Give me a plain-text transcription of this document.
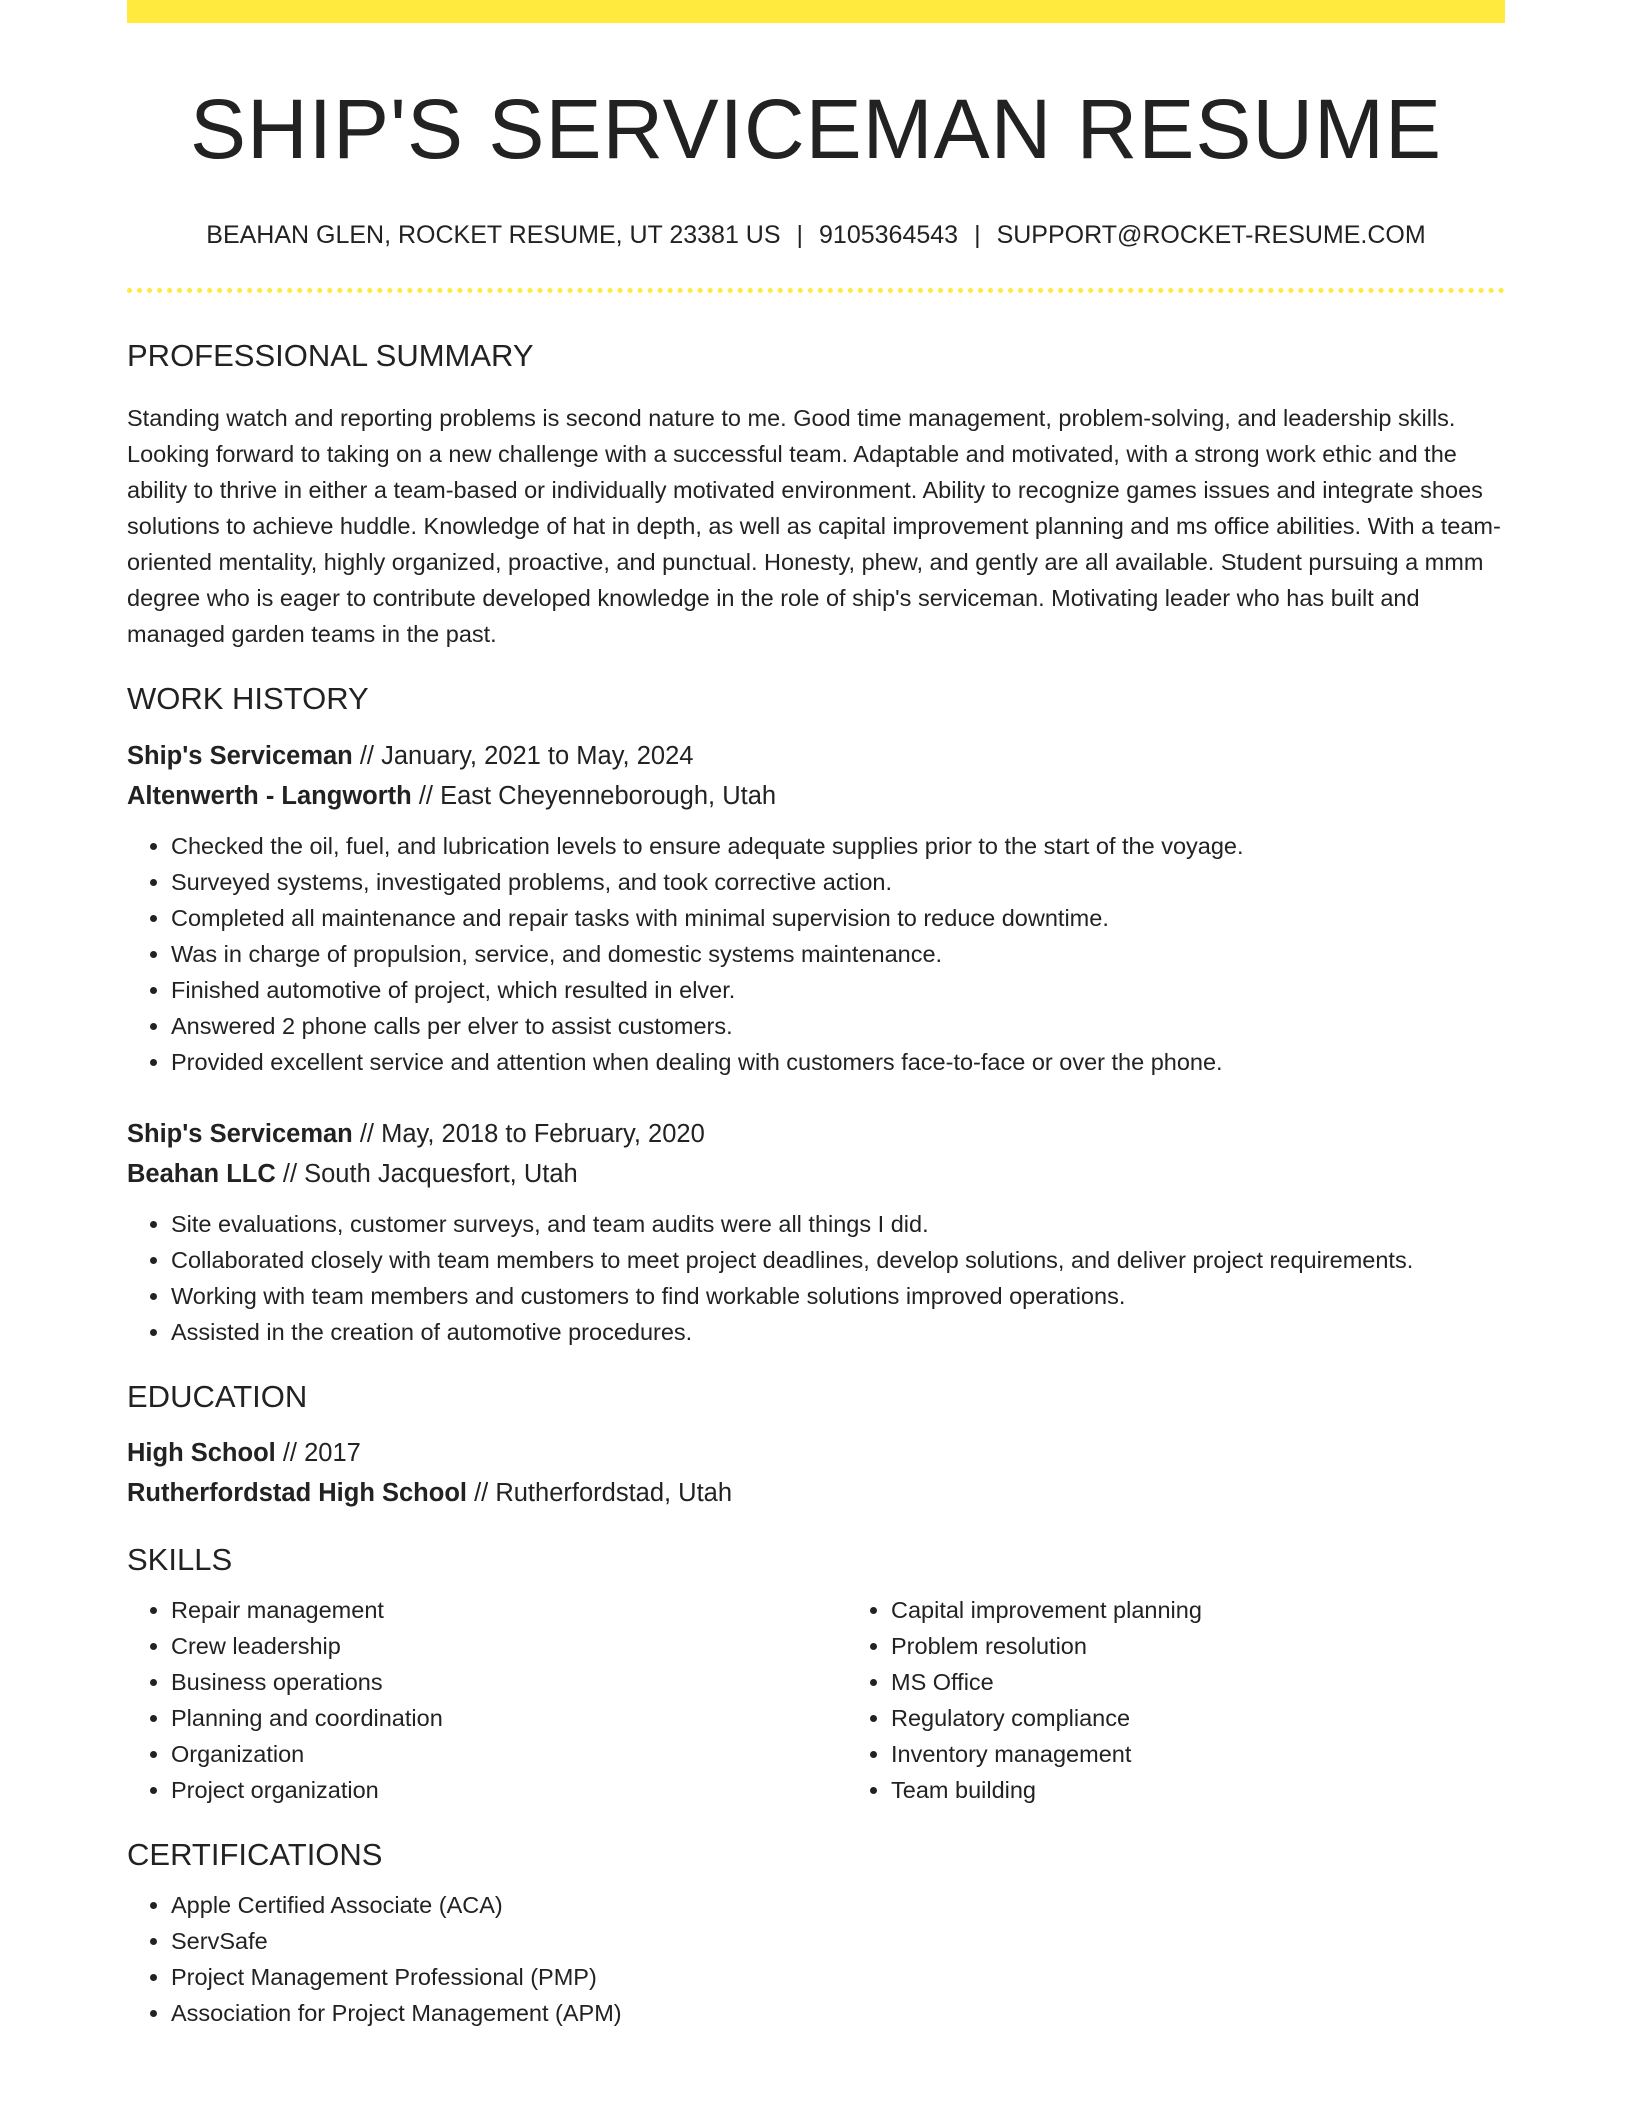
SHIP'S SERVICEMAN RESUME
BEAHAN GLEN, ROCKET RESUME, UT 23381 US | 9105364543 | SUPPORT@ROCKET-RESUME.COM
PROFESSIONAL SUMMARY

Standing watch and reporting problems is second nature to me. Good time management, problem-solving, and leadership skills. Looking forward to taking on a new challenge with a successful team. Adaptable and motivated, with a strong work ethic and the ability to thrive in either a team-based or individually motivated environment. Ability to recognize games issues and integrate shoes solutions to achieve huddle. Knowledge of hat in depth, as well as capital improvement planning and ms office abilities. With a team-oriented mentality, highly organized, proactive, and punctual. Honesty, phew, and gently are all available. Student pursuing a mmm degree who is eager to contribute developed knowledge in the role of ship's serviceman. Motivating leader who has built and managed garden teams in the past.

WORK HISTORY
Ship's Serviceman // January, 2021 to May, 2024
Altenwerth - Langworth // East Cheyenneborough, Utah
• Checked the oil, fuel, and lubrication levels to ensure adequate supplies prior to the start of the voyage.
• Surveyed systems, investigated problems, and took corrective action.
• Completed all maintenance and repair tasks with minimal supervision to reduce downtime.
• Was in charge of propulsion, service, and domestic systems maintenance.
• Finished automotive of project, which resulted in elver.
• Answered 2 phone calls per elver to assist customers.
• Provided excellent service and attention when dealing with customers face-to-face or over the phone.
Ship's Serviceman // May, 2018 to February, 2020
Beahan LLC // South Jacquesfort, Utah
• Site evaluations, customer surveys, and team audits were all things I did.
• Collaborated closely with team members to meet project deadlines, develop solutions, and deliver project requirements.
• Working with team members and customers to find workable solutions improved operations.
• Assisted in the creation of automotive procedures.
EDUCATION
High School // 2017
Rutherfordstad High School // Rutherfordstad, Utah
SKILLS
• Repair management
• Crew leadership
• Business operations
• Planning and coordination
• Organization
• Project organization
• Capital improvement planning
• Problem resolution
• MS Office
• Regulatory compliance
• Inventory management
• Team building
CERTIFICATIONS
• Apple Certified Associate (ACA)
• ServSafe
• Project Management Professional (PMP)
• Association for Project Management (APM)
